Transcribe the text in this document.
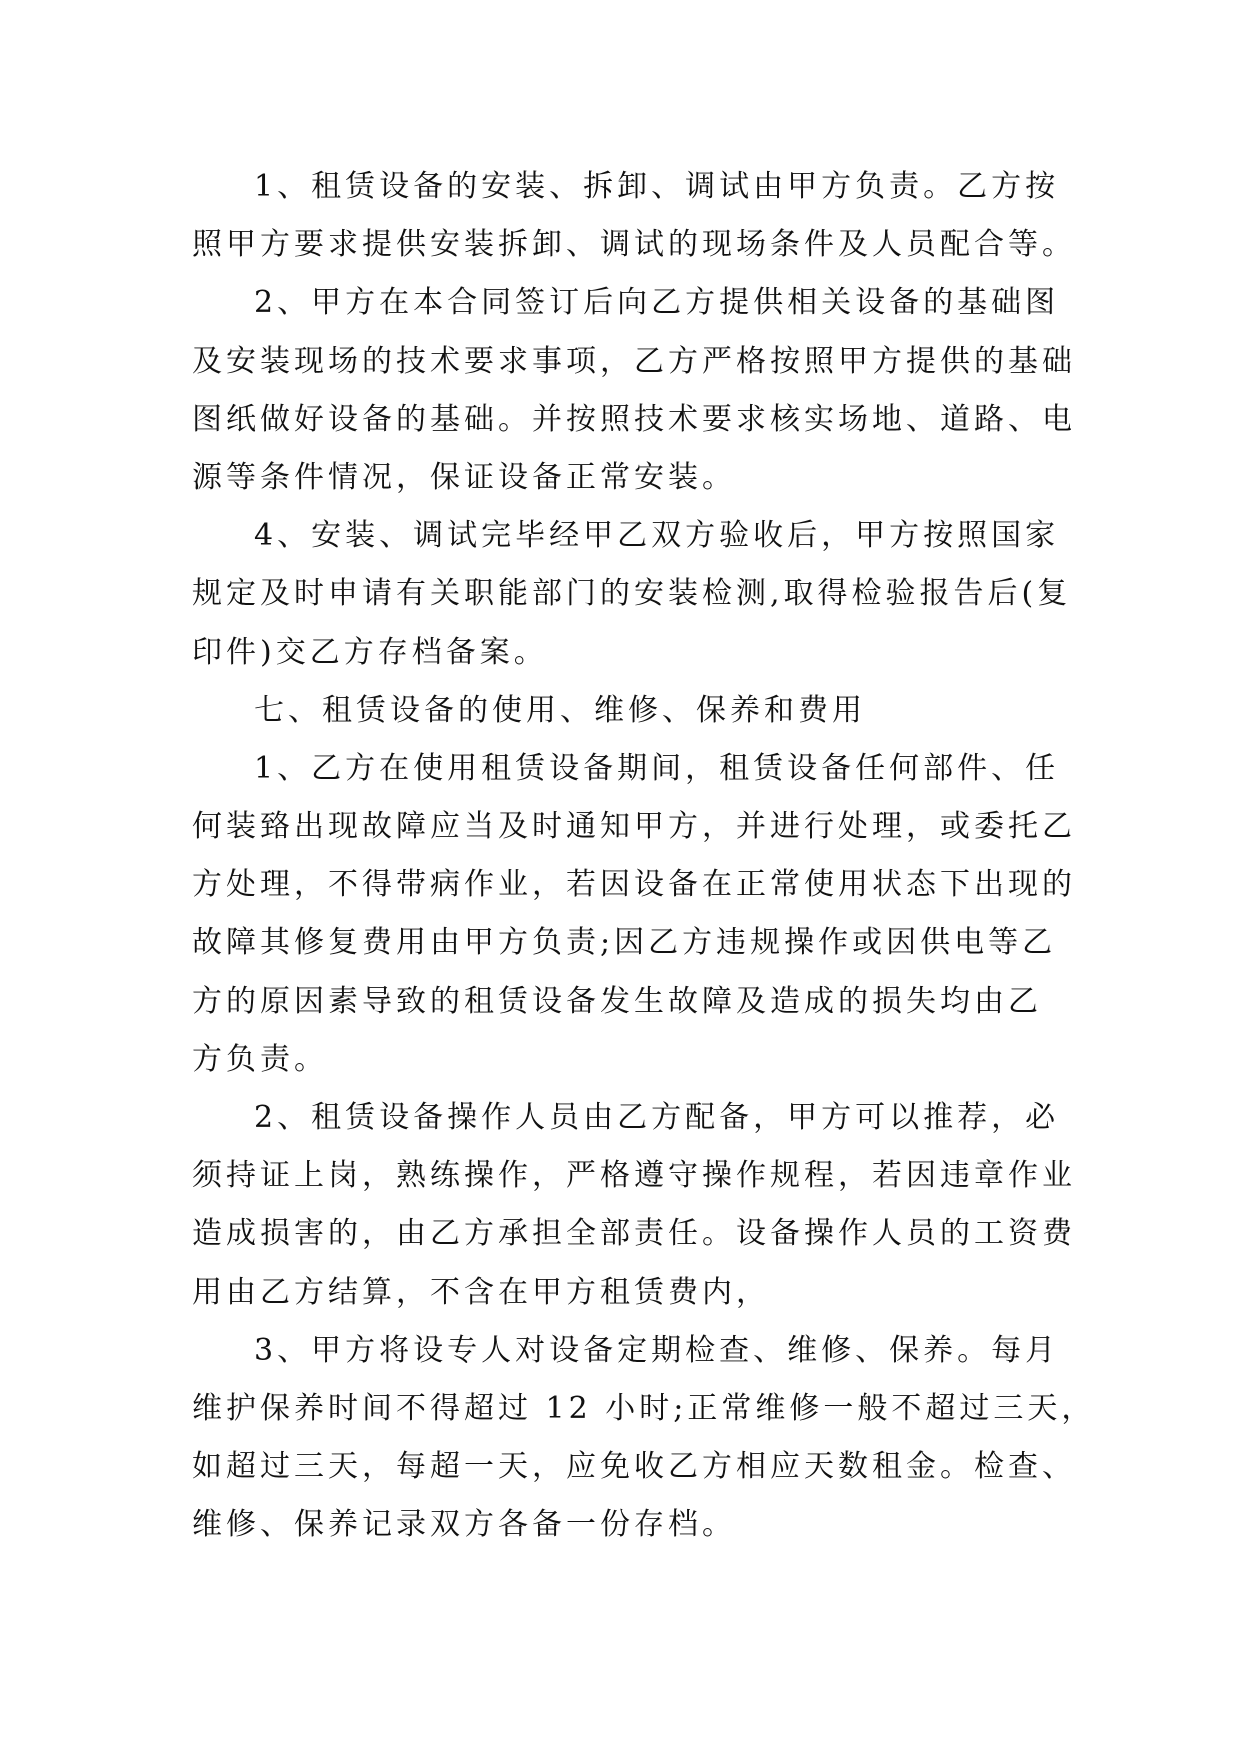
1、租赁设备的安装、拆卸、调试由甲方负责。乙方按
照甲方要求提供安装拆卸、调试的现场条件及人员配合等。
2、甲方在本合同签订后向乙方提供相关设备的基础图
及安装现场的技术要求事项，乙方严格按照甲方提供的基础
图纸做好设备的基础。并按照技术要求核实场地、道路、电
源等条件情况，保证设备正常安装。
4、安装、调试完毕经甲乙双方验收后，甲方按照国家
规定及时申请有关职能部门的安装检测,取得检验报告后(复
印件)交乙方存档备案。
七、租赁设备的使用、维修、保养和费用
1、乙方在使用租赁设备期间，租赁设备任何部件、任
何装臵出现故障应当及时通知甲方，并进行处理，或委托乙
方处理，不得带病作业，若因设备在正常使用状态下出现的
故障其修复费用由甲方负责;因乙方违规操作或因供电等乙
方的原因素导致的租赁设备发生故障及造成的损失均由乙
方负责。
2、租赁设备操作人员由乙方配备，甲方可以推荐，必
须持证上岗，熟练操作，严格遵守操作规程，若因违章作业
造成损害的，由乙方承担全部责任。设备操作人员的工资费
用由乙方结算，不含在甲方租赁费内，
3、甲方将设专人对设备定期检查、维修、保养。每月
维护保养时间不得超过 12 小时;正常维修一般不超过三天，
如超过三天，每超一天，应免收乙方相应天数租金。检查、
维修、保养记录双方各备一份存档。
